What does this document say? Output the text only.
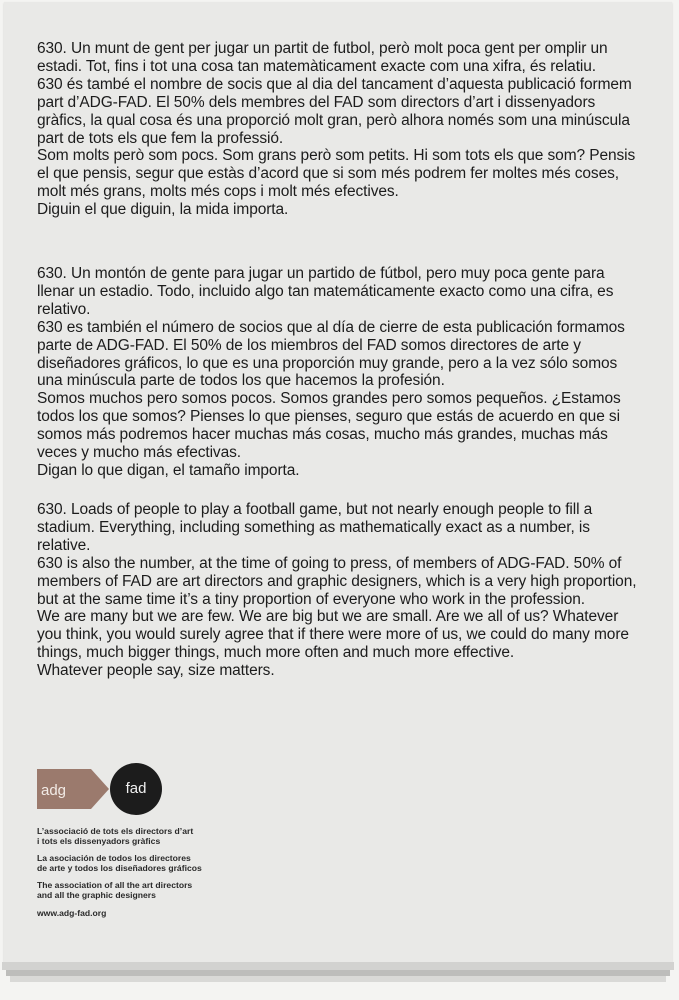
630. Un munt de gent per jugar un partit de futbol, però molt poca gent per omplir un estadi. Tot, fins i tot una cosa tan matemàticament exacte com una xifra, és relatiu.

630 és també el nombre de socis que al dia del tancament d’aquesta publicació formem part d’ADG-FAD. El 50% dels membres del FAD som directors d’art i dissenyadors gràfics, la qual cosa és una proporció molt gran, però alhora només som una minúscula part de tots els que fem la professió.

Som molts però som pocs. Som grans però som petits. Hi som tots els que som? Pensis el que pensis, segur que estàs d’acord que si som més podrem fer moltes més coses, molt més grans, molts més cops i molt més efectives.

Diguin el que diguin, la mida importa.

630. Un montón de gente para jugar un partido de fútbol, pero muy poca gente para llenar un estadio. Todo, incluido algo tan matemáticamente exacto como una cifra, es relativo.

630 es también el número de socios que al día de cierre de esta publicación formamos parte de ADG-FAD. El 50% de los miembros del FAD somos directores de arte y diseñadores gráficos, lo que es una proporción muy grande, pero a la vez sólo somos una minúscula parte de todos los que hacemos la profesión.

Somos muchos pero somos pocos. Somos grandes pero somos pequeños. ¿Estamos todos los que somos? Pienses lo que pienses, seguro que estás de acuerdo en que si somos más podremos hacer muchas más cosas, mucho más grandes, muchas más veces y mucho más efectivas.

Digan lo que digan, el tamaño importa.

630. Loads of people to play a football game, but not nearly enough people to fill a stadium. Everything, including something as mathematically exact as a number, is relative.

630 is also the number, at the time of going to press, of members of ADG-FAD. 50% of members of FAD are art directors and graphic designers, which is a very high proportion, but at the same time it’s a tiny proportion of everyone who work in the profession.

We are many but we are few. We are big but we are small. Are we all of us? Whatever you think, you would surely agree that if there were more of us, we could do many more things, much bigger things, much more often and much more effective.

Whatever people say, size matters.

adg	fad
L’associació de tots els directors d’art
i tots els dissenyadors gràfics
La asociación de todos los directores
de arte y todos los diseñadores gráficos
The association of all the art directors
and all the graphic designers
www.adg-fad.org
